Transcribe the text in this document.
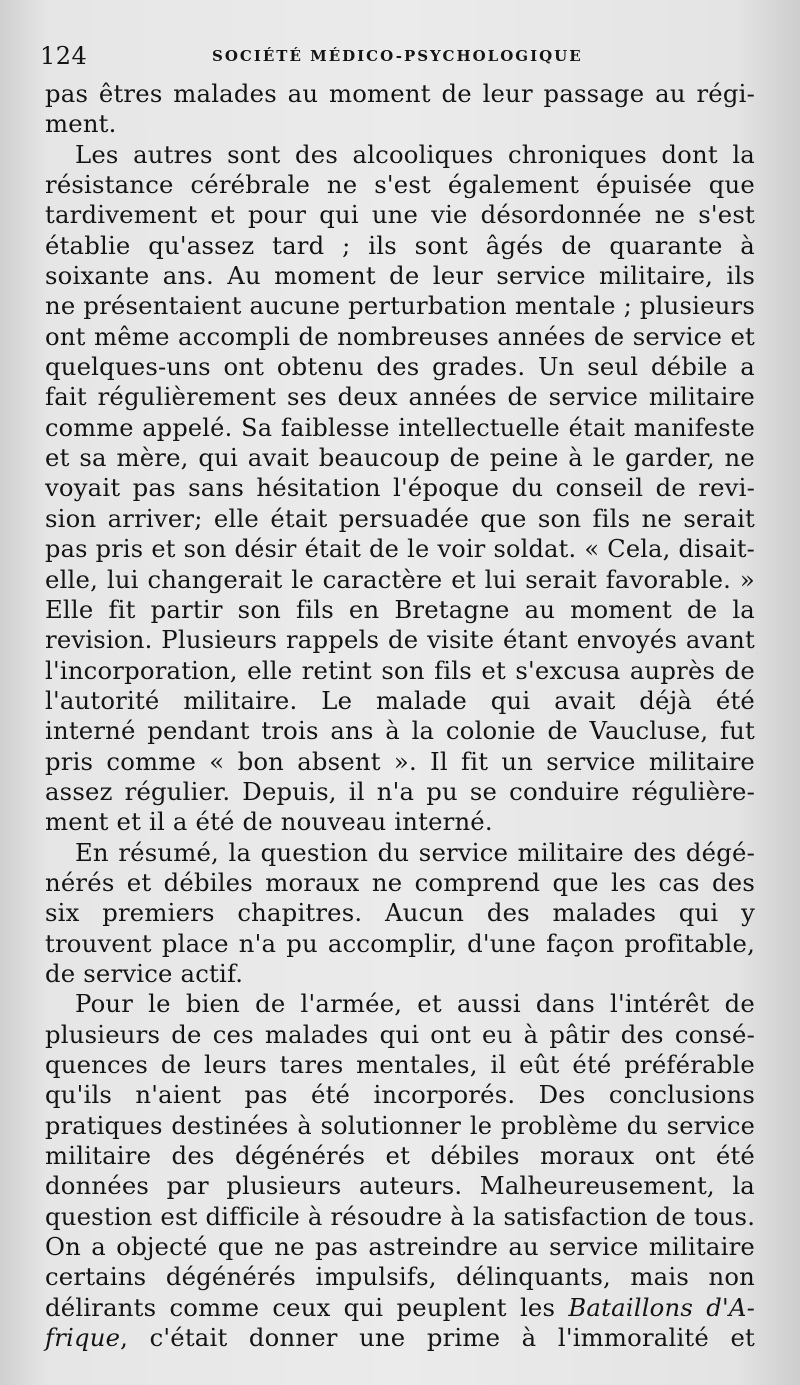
124	SOCIÉTÉ MÉDICO-PSYCHOLOGIQUE
pas êtres malades au moment de leur passage au régi-
ment.
Les autres sont des alcooliques chroniques dont la
résistance cérébrale ne s'est également épuisée que
tardivement et pour qui une vie désordonnée ne s'est
établie qu'assez tard ; ils sont âgés de quarante à
soixante ans. Au moment de leur service militaire, ils
ne présentaient aucune perturbation mentale ; plusieurs
ont même accompli de nombreuses années de service et
quelques-uns ont obtenu des grades. Un seul débile a
fait régulièrement ses deux années de service militaire
comme appelé. Sa faiblesse intellectuelle était manifeste
et sa mère, qui avait beaucoup de peine à le garder, ne
voyait pas sans hésitation l'époque du conseil de revi-
sion arriver; elle était persuadée que son fils ne serait
pas pris et son désir était de le voir soldat. « Cela, disait-
elle, lui changerait le caractère et lui serait favorable. »
Elle fit partir son fils en Bretagne au moment de la
revision. Plusieurs rappels de visite étant envoyés avant
l'incorporation, elle retint son fils et s'excusa auprès de
l'autorité militaire. Le malade qui avait déjà été
interné pendant trois ans à la colonie de Vaucluse, fut
pris comme « bon absent ». Il fit un service militaire
assez régulier. Depuis, il n'a pu se conduire régulière-
ment et il a été de nouveau interné.
En résumé, la question du service militaire des dégé-
nérés et débiles moraux ne comprend que les cas des
six premiers chapitres. Aucun des malades qui y
trouvent place n'a pu accomplir, d'une façon profitable,
de service actif.
Pour le bien de l'armée, et aussi dans l'intérêt de
plusieurs de ces malades qui ont eu à pâtir des consé-
quences de leurs tares mentales, il eût été préférable
qu'ils n'aient pas été incorporés. Des conclusions
pratiques destinées à solutionner le problème du service
militaire des dégénérés et débiles moraux ont été
données par plusieurs auteurs. Malheureusement, la
question est difficile à résoudre à la satisfaction de tous.
On a objecté que ne pas astreindre au service militaire
certains dégénérés impulsifs, délinquants, mais non
délirants comme ceux qui peuplent les Bataillons d'A-
frique, c'était donner une prime à l'immoralité et
